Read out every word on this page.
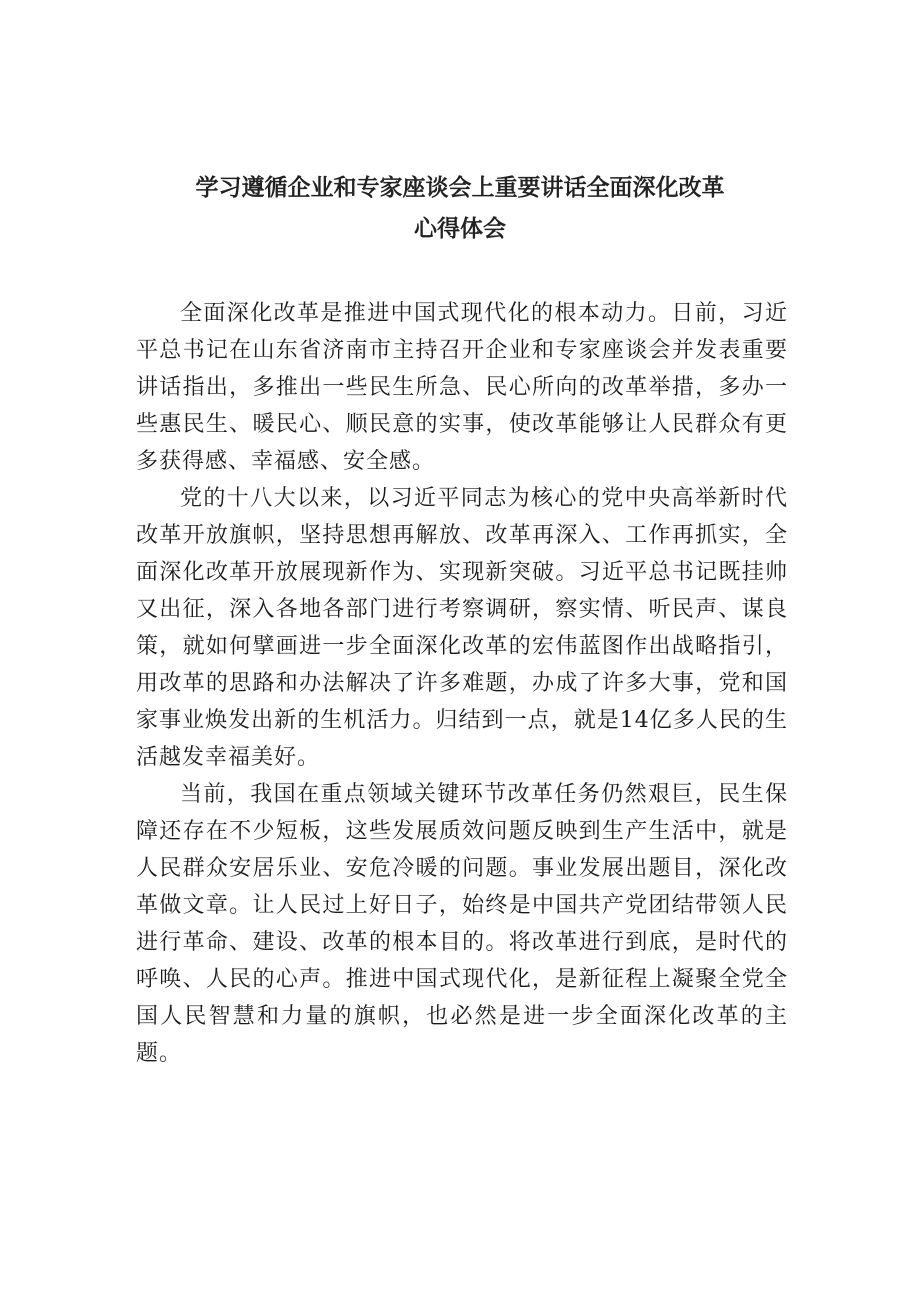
学习遵循企业和专家座谈会上重要讲话全面深化改革
心得体会

全面深化改革是推进中国式现代化的根本动力。日前，习近平总书记在山东省济南市主持召开企业和专家座谈会并发表重要讲话指出，多推出一些民生所急、民心所向的改革举措，多办一些惠民生、暖民心、顺民意的实事，使改革能够让人民群众有更多获得感、幸福感、安全感。

党的十八大以来，以习近平同志为核心的党中央高举新时代改革开放旗帜，坚持思想再解放、改革再深入、工作再抓实，全面深化改革开放展现新作为、实现新突破。习近平总书记既挂帅又出征，深入各地各部门进行考察调研，察实情、听民声、谋良策，就如何擘画进一步全面深化改革的宏伟蓝图作出战略指引，用改革的思路和办法解决了许多难题，办成了许多大事，党和国家事业焕发出新的生机活力。归结到一点，就是14亿多人民的生活越发幸福美好。

当前，我国在重点领域关键环节改革任务仍然艰巨，民生保障还存在不少短板，这些发展质效问题反映到生产生活中，就是人民群众安居乐业、安危冷暖的问题。事业发展出题目，深化改革做文章。让人民过上好日子，始终是中国共产党团结带领人民进行革命、建设、改革的根本目的。将改革进行到底，是时代的呼唤、人民的心声。推进中国式现代化，是新征程上凝聚全党全国人民智慧和力量的旗帜，也必然是进一步全面深化改革的主题。
